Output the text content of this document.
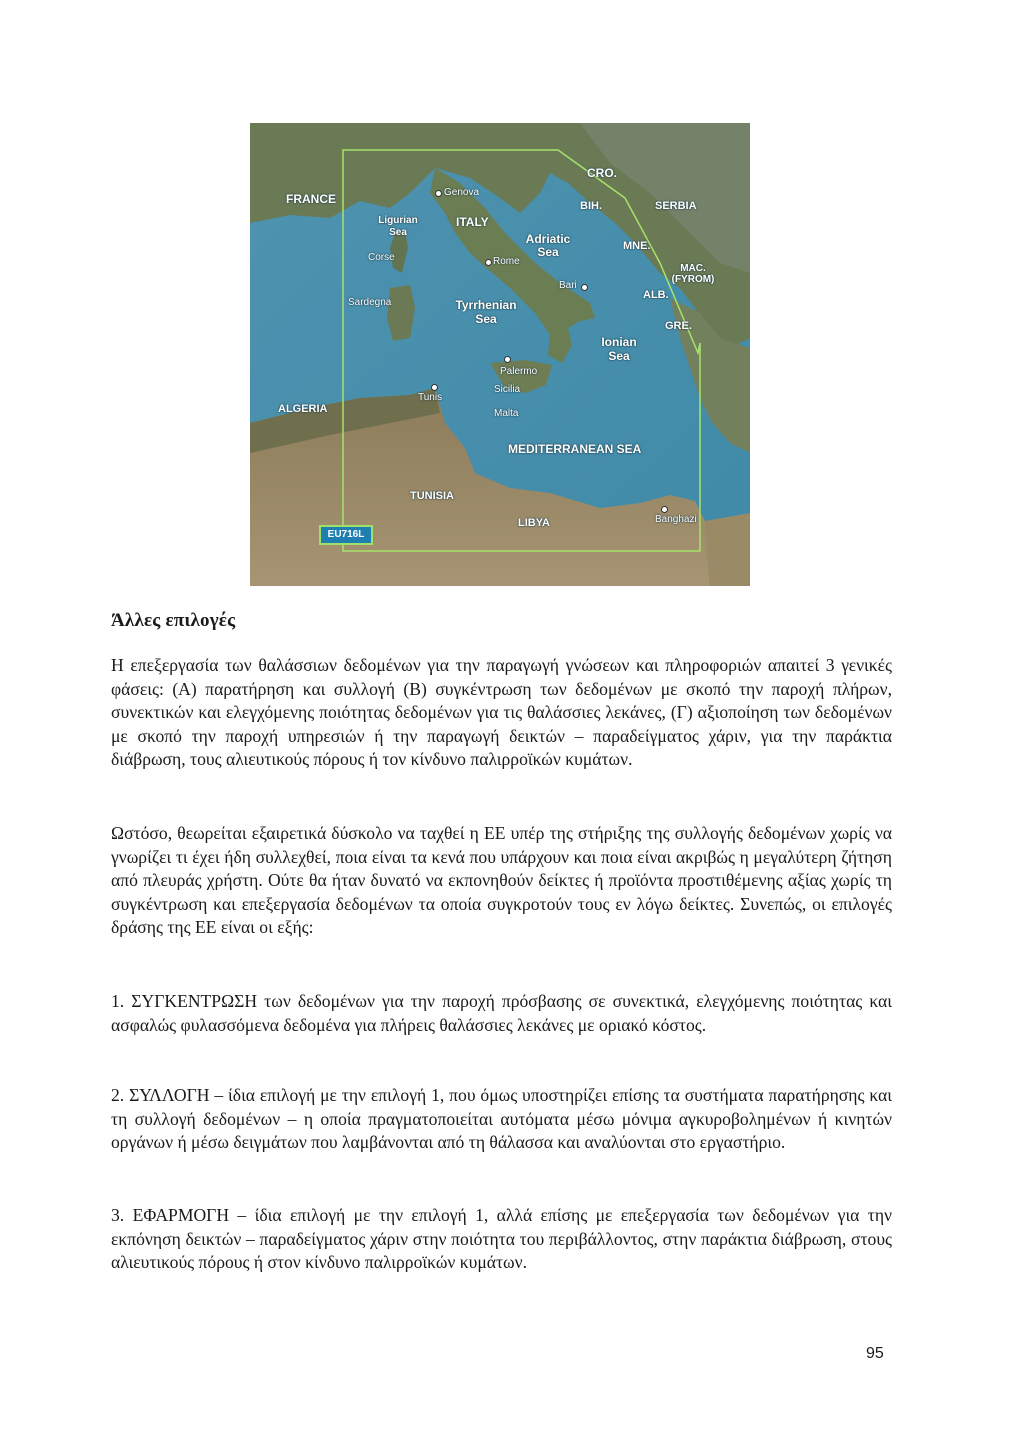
FRANCE
ITALY
CRO.
BIH.	SERBIA
MNE.
MAC. (FYROM)
ALB.
GRE.
ALGERIA
TUNISIA
LIBYA
Ligurian Sea	Adriatic Sea
Tyrrhenian Sea
Ionian Sea
MEDITERRANEAN SEA
Corse
Sardegna
Sicilia
Malta
Genova
Rome
Bari
Palermo
Tunis
Banghazi
EU716L
Άλλες επιλογές

Η επεξεργασία των θαλάσσιων δεδομένων για την παραγωγή γνώσεων και πληροφοριών απαιτεί 3 γενικές φάσεις: (Α) παρατήρηση και συλλογή (Β) συγκέντρωση των δεδομένων με σκοπό την παροχή πλήρων, συνεκτικών και ελεγχόμενης ποιότητας δεδομένων για τις θαλάσσιες λεκάνες, (Γ) αξιοποίηση των δεδομένων με σκοπό την παροχή υπηρεσιών ή την παραγωγή δεικτών – παραδείγματος χάριν, για την παράκτια διάβρωση, τους αλιευτικούς πόρους ή τον κίνδυνο παλιρροϊκών κυμάτων.

Ωστόσο, θεωρείται εξαιρετικά δύσκολο να ταχθεί η ΕΕ υπέρ της στήριξης της συλλογής δεδομένων χωρίς να γνωρίζει τι έχει ήδη συλλεχθεί, ποια είναι τα κενά που υπάρχουν και ποια είναι ακριβώς η μεγαλύτερη ζήτηση από πλευράς χρήστη. Ούτε θα ήταν δυνατό να εκπονηθούν δείκτες ή προϊόντα προστιθέμενης αξίας χωρίς τη συγκέντρωση και επεξεργασία δεδομένων τα οποία συγκροτούν τους εν λόγω δείκτες. Συνεπώς, οι επιλογές δράσης της ΕΕ είναι οι εξής:

1. ΣΥΓΚΕΝΤΡΩΣΗ των δεδομένων για την παροχή πρόσβασης σε συνεκτικά, ελεγχόμενης ποιότητας και ασφαλώς φυλασσόμενα δεδομένα για πλήρεις θαλάσσιες λεκάνες με οριακό κόστος.

2. ΣΥΛΛΟΓΗ – ίδια επιλογή με την επιλογή 1, που όμως υποστηρίζει επίσης τα συστήματα παρατήρησης και τη συλλογή δεδομένων – η οποία πραγματοποιείται αυτόματα μέσω μόνιμα αγκυροβολημένων ή κινητών οργάνων ή μέσω δειγμάτων που λαμβάνονται από τη θάλασσα και αναλύονται στο εργαστήριο.

3. ΕΦΑΡΜΟΓΗ – ίδια επιλογή με την επιλογή 1, αλλά επίσης με επεξεργασία των δεδομένων για την εκπόνηση δεικτών – παραδείγματος χάριν στην ποιότητα του περιβάλλοντος, στην παράκτια διάβρωση, στους αλιευτικούς πόρους ή στον κίνδυνο παλιρροϊκών κυμάτων.

95
